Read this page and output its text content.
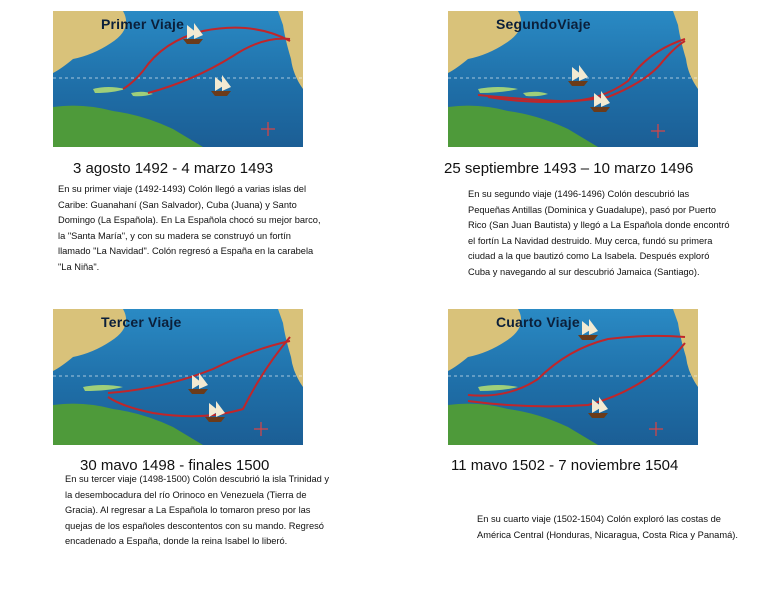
Primer Viaje
3 agosto 1492 - 4 marzo 1493

En su primer viaje (1492-1493) Colón llegó a varias islas del Caribe: Guanahaní (San Salvador), Cuba (Juana) y Santo Domingo (La Española). En La Española chocó su mejor barco, la "Santa María", y con su madera se construyó un fortín llamado "La Navidad". Colón regresó a España en la carabela "La Niña".

SegundoViaje
25 septiembre 1493 – 10 marzo 1496

En su segundo viaje (1496-1496) Colón descubrió las Pequeñas Antillas (Dominica y Guadalupe), pasó por Puerto Rico (San Juan Bautista) y llegó a La Española donde encontró el fortín La Navidad destruido. Muy cerca, fundó su primera ciudad a la que bautizó como La Isabela. Después exploró Cuba y navegando al sur descubrió Jamaica (Santiago).

Tercer Viaje
30 mavo 1498 - finales 1500

En su tercer viaje (1498-1500) Colón descubrió la isla Trinidad y la desembocadura del río Orinoco en Venezuela (Tierra de Gracia). Al regresar a La Española lo tomaron preso por las quejas de los españoles descontentos con su mando. Regresó encadenado a España, donde la reina Isabel lo liberó.

Cuarto Viaje
11 mavo 1502 - 7 noviembre 1504

En su cuarto viaje (1502-1504) Colón exploró las costas de América Central (Honduras, Nicaragua, Costa Rica y Panamá).
